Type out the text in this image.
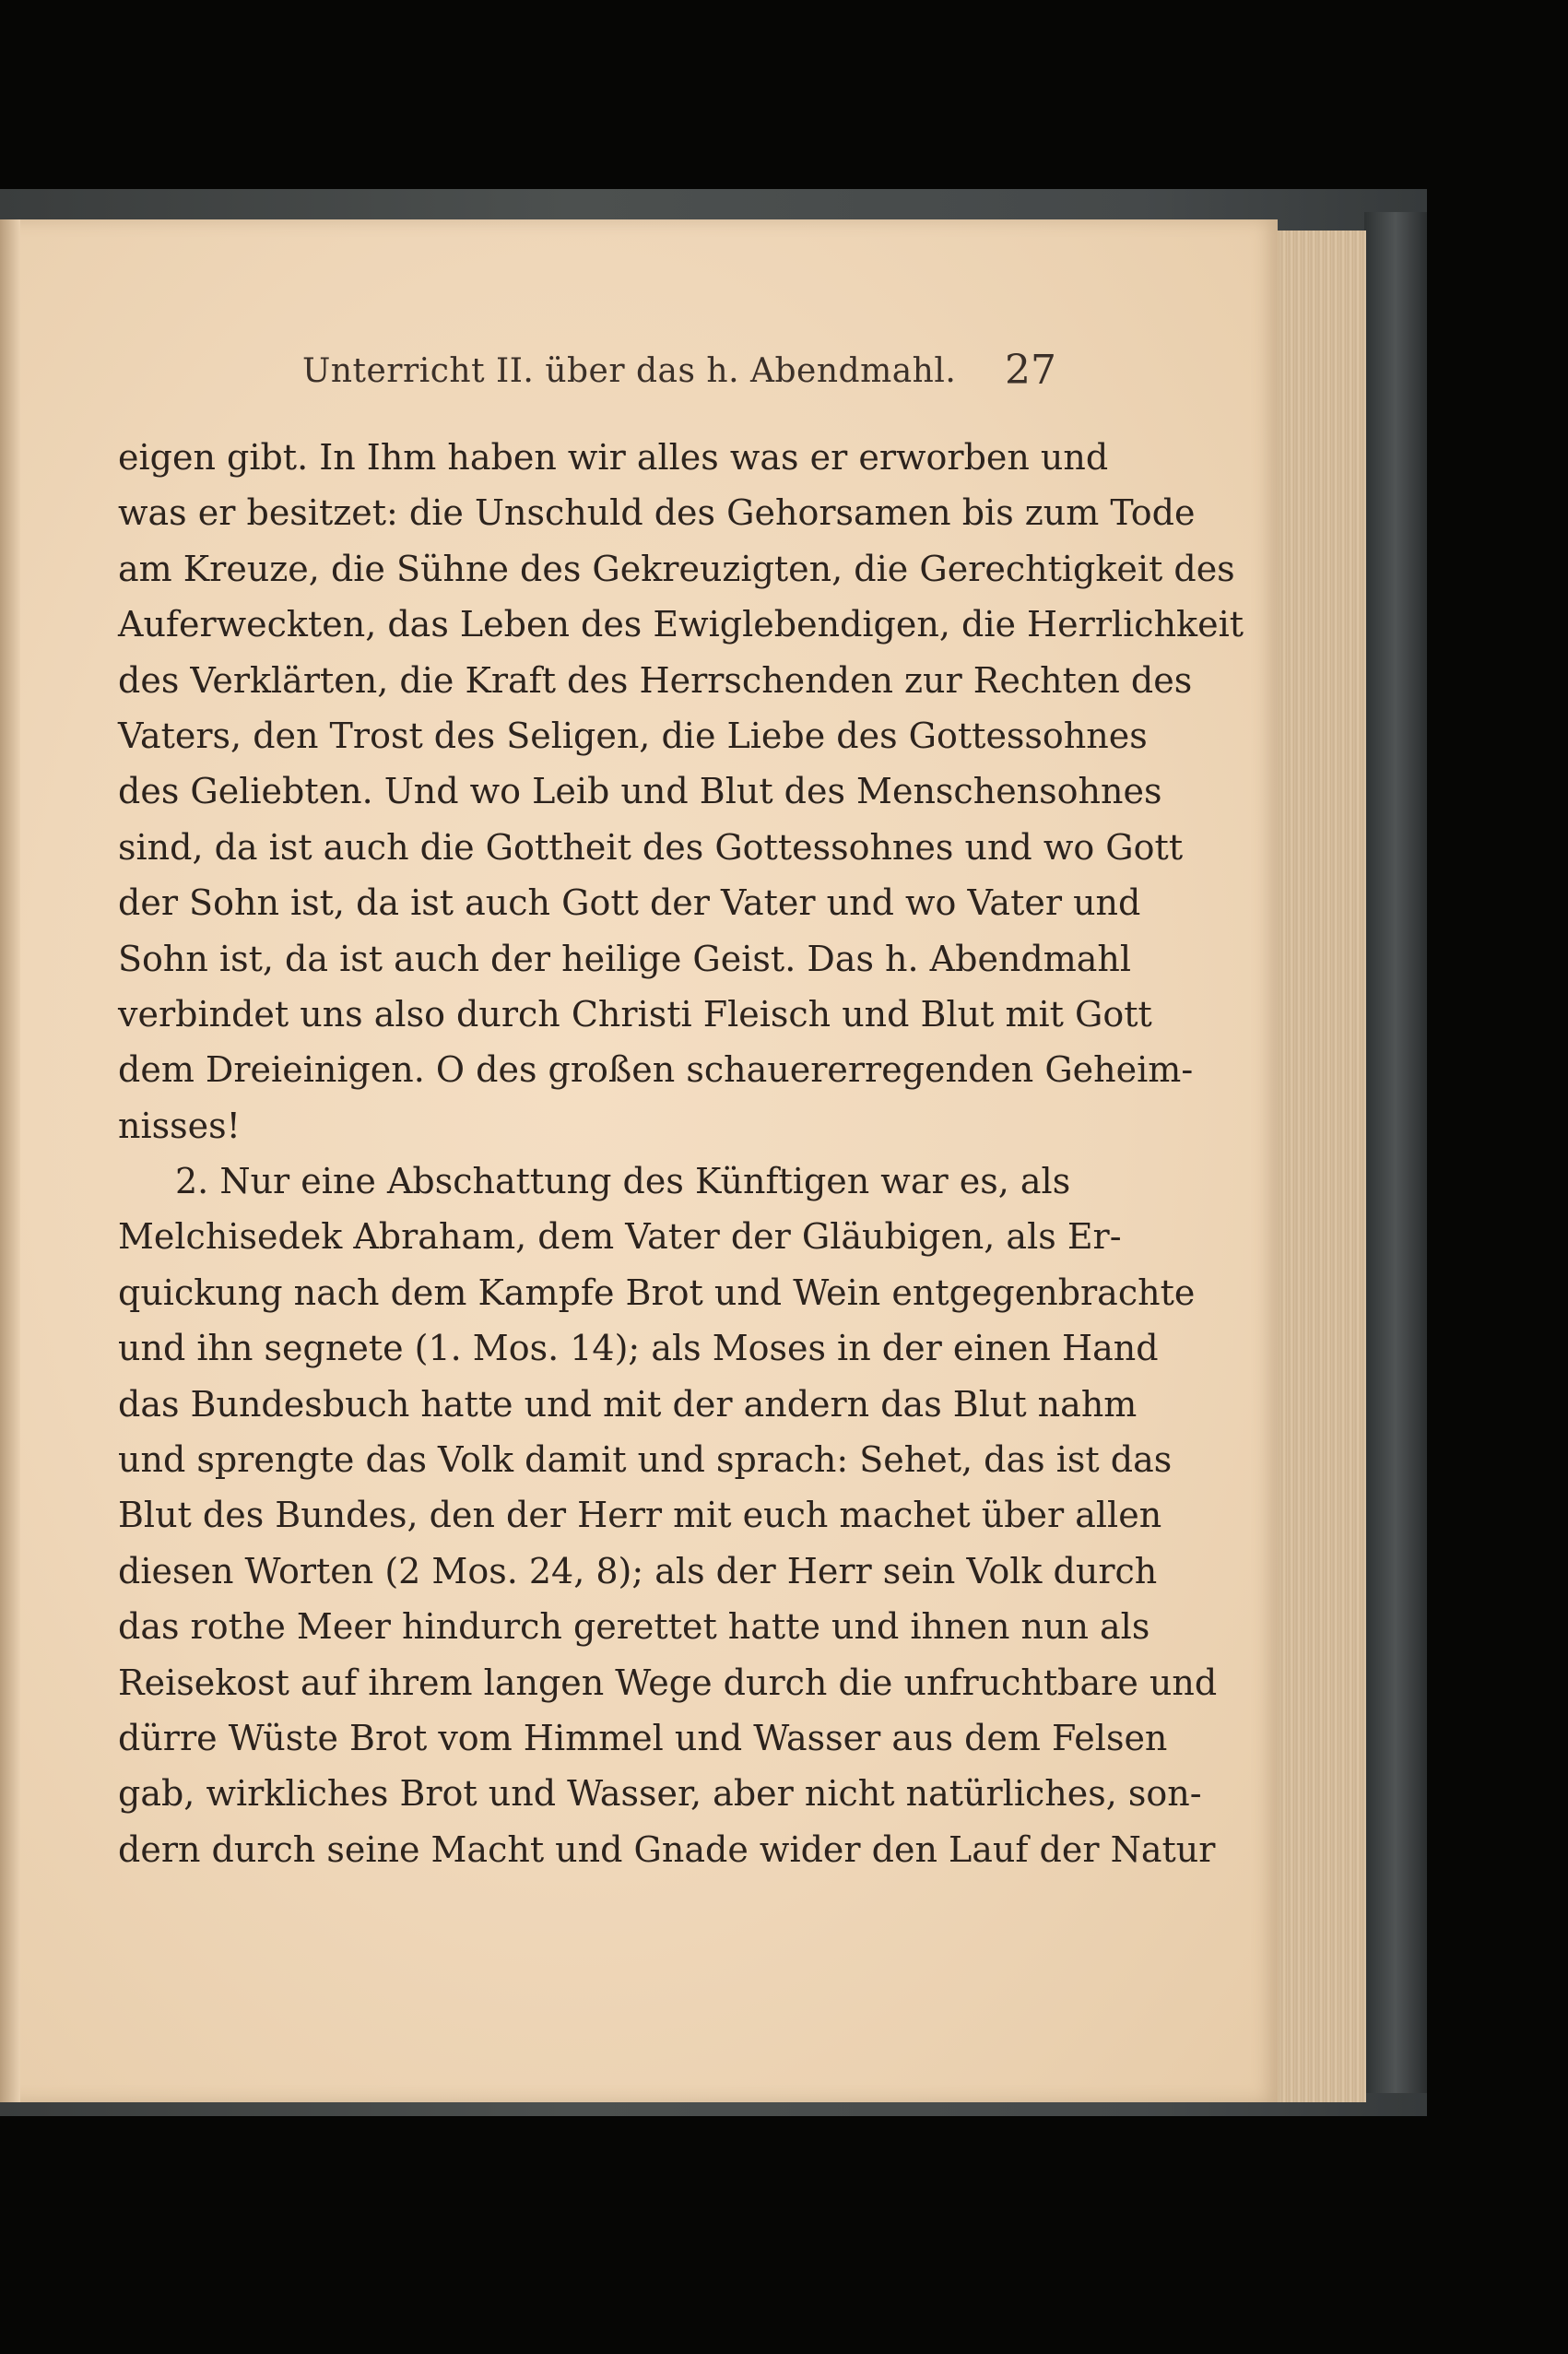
Unterricht II. über das h. Abendmahl. 27
eigen gibt. In Ihm haben wir alles was er erworben und
was er besitzet: die Unschuld des Gehorsamen bis zum Tode
am Kreuze, die Sühne des Gekreuzigten, die Gerechtigkeit des
Auferweckten, das Leben des Ewiglebendigen, die Herrlichkeit
des Verklärten, die Kraft des Herrschenden zur Rechten des
Vaters, den Trost des Seligen, die Liebe des Gottessohnes
des Geliebten. Und wo Leib und Blut des Menschensohnes
sind, da ist auch die Gottheit des Gottessohnes und wo Gott
der Sohn ist, da ist auch Gott der Vater und wo Vater und
Sohn ist, da ist auch der heilige Geist. Das h. Abendmahl
verbindet uns also durch Christi Fleisch und Blut mit Gott
dem Dreieinigen. O des großen schauererregenden Geheim-
nisses!
2. Nur eine Abschattung des Künftigen war es, als
Melchisedek Abraham, dem Vater der Gläubigen, als Er-
quickung nach dem Kampfe Brot und Wein entgegenbrachte
und ihn segnete (1. Mos. 14); als Moses in der einen Hand
das Bundesbuch hatte und mit der andern das Blut nahm
und sprengte das Volk damit und sprach: Sehet, das ist das
Blut des Bundes, den der Herr mit euch machet über allen
diesen Worten (2 Mos. 24, 8); als der Herr sein Volk durch
das rothe Meer hindurch gerettet hatte und ihnen nun als
Reisekost auf ihrem langen Wege durch die unfruchtbare und
dürre Wüste Brot vom Himmel und Wasser aus dem Felsen
gab, wirkliches Brot und Wasser, aber nicht natürliches, son-
dern durch seine Macht und Gnade wider den Lauf der Natur
